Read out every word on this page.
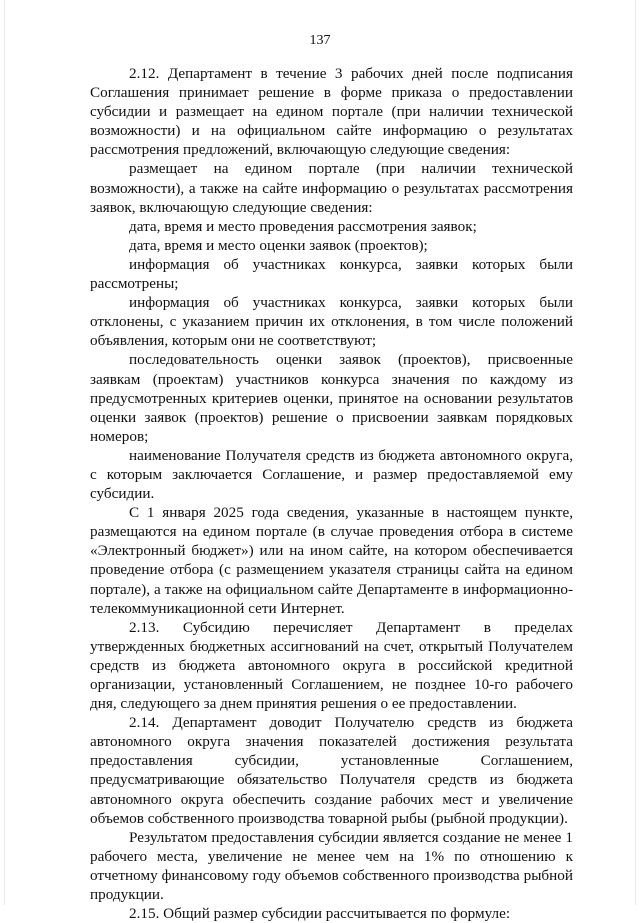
137

2.12. Департамент в течение 3 рабочих дней после подписания Соглашения принимает решение в форме приказа о предоставлении субсидии и размещает на едином портале (при наличии технической возможности) и на официальном сайте информацию о результатах рассмотрения предложений, включающую следующие сведения:

размещает на едином портале (при наличии технической возможности), а также на сайте информацию о результатах рассмотрения заявок, включающую следующие сведения:

дата, время и место проведения рассмотрения заявок;

дата, время и место оценки заявок (проектов);

информация об участниках конкурса, заявки которых были рассмотрены;

информация об участниках конкурса, заявки которых были отклонены, с указанием причин их отклонения, в том числе положений объявления, которым они не соответствуют;

последовательность оценки заявок (проектов), присвоенные заявкам (проектам) участников конкурса значения по каждому из предусмотренных критериев оценки, принятое на основании результатов оценки заявок (проектов) решение о присвоении заявкам порядковых номеров;

наименование Получателя средств из бюджета автономного округа, с которым заключается Соглашение, и размер предоставляемой ему субсидии.

С 1 января 2025 года сведения, указанные в настоящем пункте, размещаются на едином портале (в случае проведения отбора в системе «Электронный бюджет») или на ином сайте, на котором обеспечивается проведение отбора (с размещением указателя страницы сайта на едином портале), а также на официальном сайте Департаменте в информационно-телекоммуникационной сети Интернет.

2.13. Субсидию перечисляет Департамент в пределах утвержденных бюджетных ассигнований на счет, открытый Получателем средств из бюджета автономного округа в российской кредитной организации, установленный Соглашением, не позднее 10-го рабочего дня, следующего за днем принятия решения о ее предоставлении.

2.14. Департамент доводит Получателю средств из бюджета автономного округа значения показателей достижения результата предоставления субсидии, установленные Соглашением, предусматривающие обязательство Получателя средств из бюджета автономного округа обеспечить создание рабочих мест и увеличение объемов собственного производства товарной рыбы (рыбной продукции).

Результатом предоставления субсидии является создание не менее 1 рабочего места, увеличение не менее чем на 1% по отношению к отчетному финансовому году объемов собственного производства рыбной продукции.

2.15. Общий размер субсидии рассчитывается по формуле:
